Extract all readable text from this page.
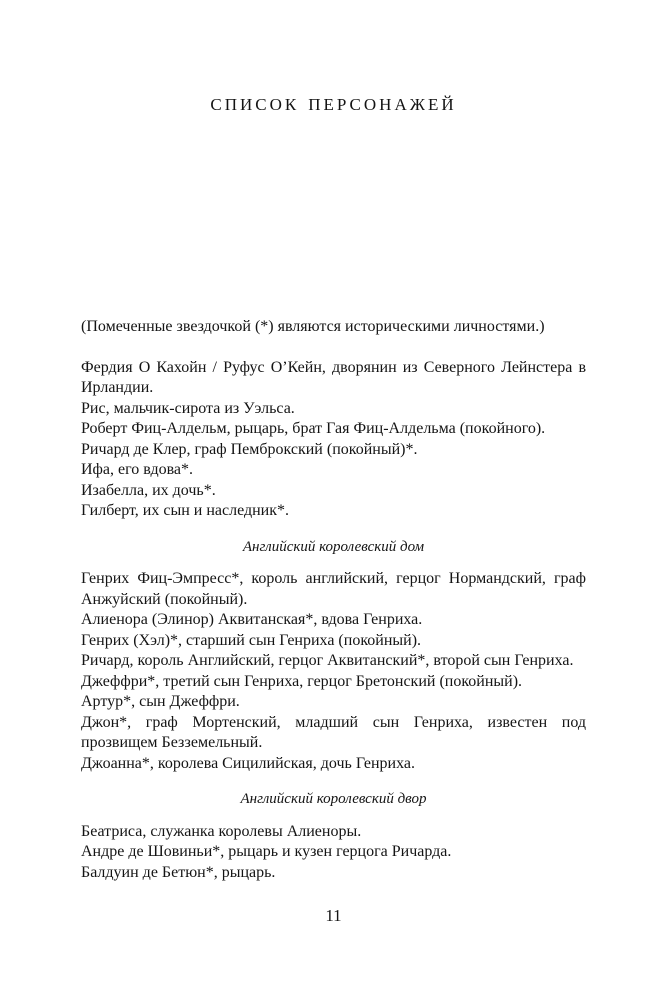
список персонажей

(Помеченные звездочкой (*) являются историческими личностями.)

Фердия О Кахойн / Руфус О’Кейн, дворянин из Северного Лейнстера в Ирландии.

Рис, мальчик-сирота из Уэльса.

Роберт Фиц-Алдельм, рыцарь, брат Гая Фиц-Алдельма (покойного).

Ричард де Клер, граф Пемброкский (покойный)*.

Ифа, его вдова*.

Изабелла, их дочь*.

Гилберт, их сын и наследник*.

Английский королевский дом

Генрих Фиц-Эмпресс*, король английский, герцог Нормандский, граф Анжуйский (покойный).

Алиенора (Элинор) Аквитанская*, вдова Генриха.

Генрих (Хэл)*, старший сын Генриха (покойный).

Ричард, король Английский, герцог Аквитанский*, второй сын Генриха.

Джеффри*, третий сын Генриха, герцог Бретонский (покойный).

Артур*, сын Джеффри.

Джон*, граф Мортенский, младший сын Генриха, известен под прозвищем Безземельный.

Джоанна*, королева Сицилийская, дочь Генриха.

Английский королевский двор

Беатриса, служанка королевы Алиеноры.

Андре де Шовиньи*, рыцарь и кузен герцога Ричарда.

Балдуин де Бетюн*, рыцарь.

11
